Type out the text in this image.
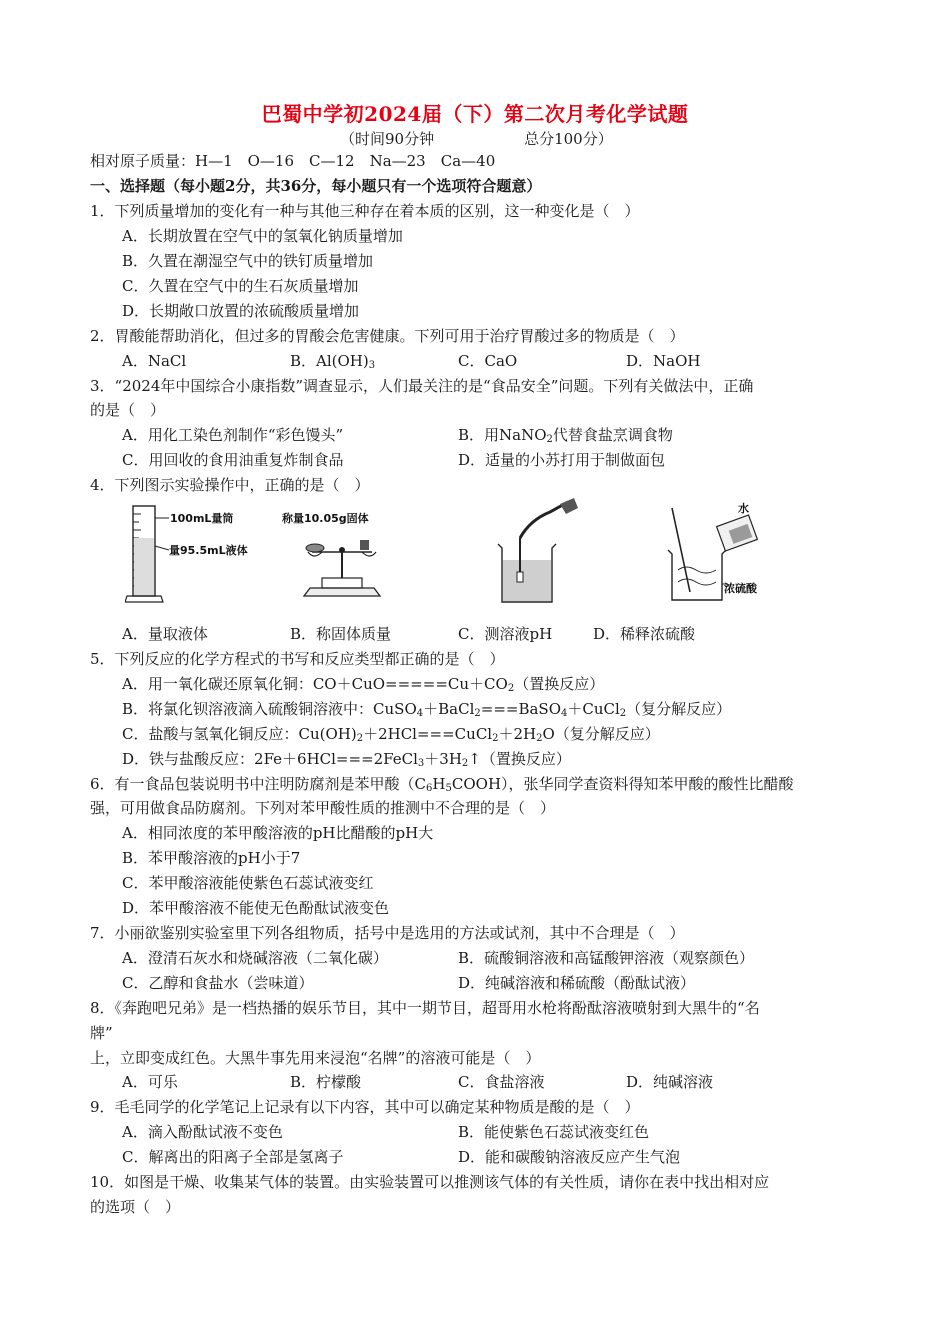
巴蜀中学初2024届（下）第二次月考化学试题
（时间90分钟	总分100分）
相对原子质量：H—1　O—16　C—12　Na—23　Ca—40
一、选择题（每小题2分，共36分，每小题只有一个选项符合题意）
1．下列质量增加的变化有一种与其他三种存在着本质的区别，这一种变化是（　）
A．长期放置在空气中的氢氧化钠质量增加
B．久置在潮湿空气中的铁钉质量增加
C．久置在空气中的生石灰质量增加
D．长期敞口放置的浓硫酸质量增加
2．胃酸能帮助消化，但过多的胃酸会危害健康。下列可用于治疗胃酸过多的物质是（　）
A．NaCl	B．$Al(OH)_3$	C．CaO	D．NaOH
3．“2024年中国综合小康指数”调查显示，人们最关注的是“食品安全”问题。下列有关做法中，正确
的是（　）
A．用化工染色剂制作“彩色馒头”	B．用NaNO$_2$代替食盐烹调食物
C．用回收的食用油重复炸制食品	D．适量的小苏打用于制做面包
4．下列图示实验操作中，正确的是（　）
100mL量筒
量95.5mL液体
称量10.05g固体
水
浓硫酸
A．量取液体	B．称固体质量	C．测溶液pH	D．稀释浓硫酸
5．下列反应的化学方程式的书写和反应类型都正确的是（　）
A．用一氧化碳还原氧化铜：$CO+CuO=====Cu+CO_2$（置换反应）
B．将氯化钡溶液滴入硫酸铜溶液中：CuSO$_4$＋BaCl$_2$===BaSO$_4$＋CuCl$_2$（复分解反应）
C．盐酸与氢氧化铜反应：$Cu(OH)_2+2HCl===CuCl_2+2H_2O$（复分解反应）
D．铁与盐酸反应：$2Fe+6HCl===2FeCl_3+3H_2↑$（置换反应）
6．有一食品包装说明书中注明防腐剂是苯甲酸$(C_6H_5COOH)$，张华同学查资料得知苯甲酸的酸性比醋酸
强，可用做食品防腐剂。下列对苯甲酸性质的推测中不合理的是（　）
A．相同浓度的苯甲酸溶液的pH比醋酸的pH大
B．苯甲酸溶液的pH小于7
C．苯甲酸溶液能使紫色石蕊试液变红
D．苯甲酸溶液不能使无色酚酞试液变色
7．小丽欲鉴别实验室里下列各组物质，括号中是选用的方法或试剂，其中不合理是（　）
A．澄清石灰水和烧碱溶液（二氧化碳）	B．硫酸铜溶液和高锰酸钾溶液（观察颜色）
C．乙醇和食盐水（尝味道）	D．纯碱溶液和稀硫酸（酚酞试液）
8．《奔跑吧兄弟》是一档热播的娱乐节目，其中一期节目，超哥用水枪将酚酞溶液喷射到大黑牛的“名
牌”
上，立即变成红色。大黑牛事先用来浸泡“名牌”的溶液可能是（　）
A．可乐	B．柠檬酸	C．食盐溶液	D．纯碱溶液
9．毛毛同学的化学笔记上记录有以下内容，其中可以确定某种物质是酸的是（　）
A．滴入酚酞试液不变色	B．能使紫色石蕊试液变红色
C．解离出的阳离子全部是氢离子	D．能和碳酸钠溶液反应产生气泡
10．如图是干燥、收集某气体的装置。由实验装置可以推测该气体的有关性质，请你在表中找出相对应
的选项（　）
